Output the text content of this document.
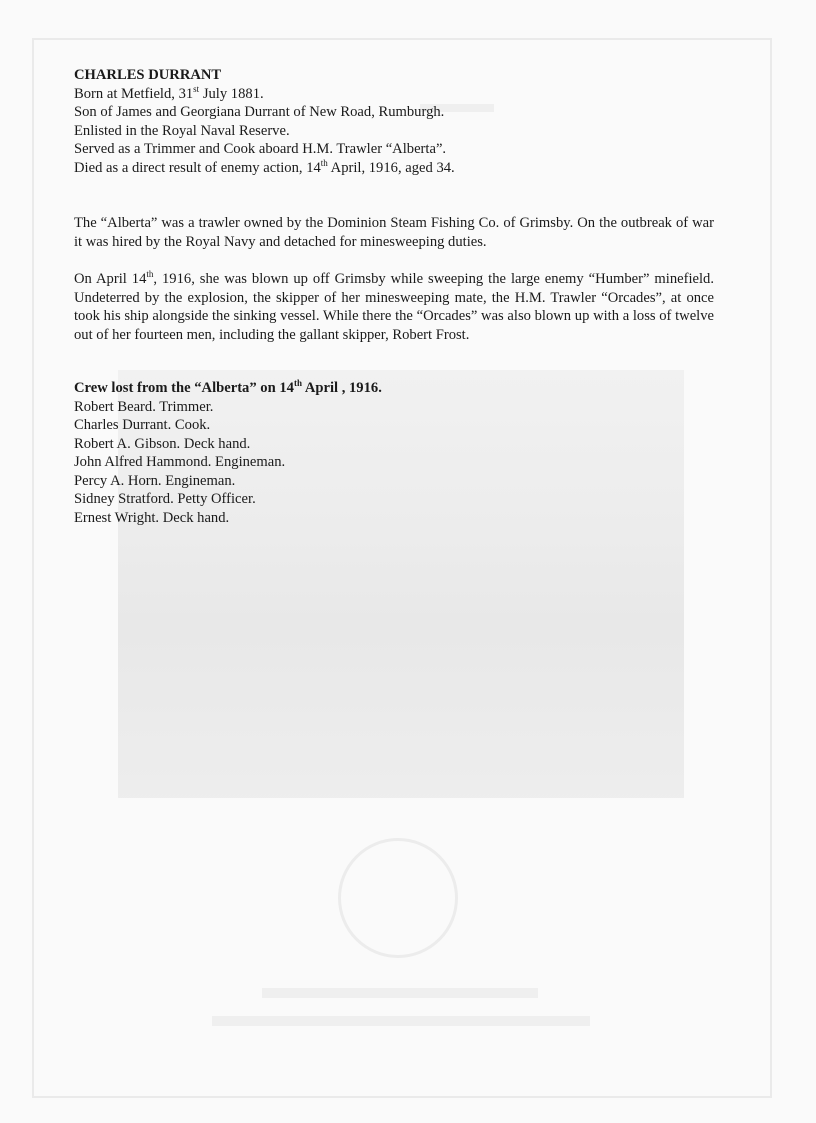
CHARLES DURRANT

Born at Metfield, 31st July 1881.

Son of James and Georgiana Durrant of New Road, Rumburgh.

Enlisted in the Royal Naval Reserve.

Served as a Trimmer and Cook aboard H.M. Trawler “Alberta”.

Died as a direct result of enemy action, 14th April, 1916, aged 34.

The “Alberta” was a trawler owned by the Dominion Steam Fishing Co. of Grimsby. On the outbreak of war it was hired by the Royal Navy and detached for minesweeping duties.

On April 14th, 1916, she was blown up off Grimsby while sweeping the large enemy “Humber” minefield. Undeterred by the explosion, the skipper of her minesweeping mate, the H.M. Trawler “Orcades”, at once took his ship alongside the sinking vessel. While there the “Orcades” was also blown up with a loss of twelve out of her fourteen men, including the gallant skipper, Robert Frost.

Crew lost from the “Alberta” on 14th April , 1916.

Robert Beard. Trimmer.
Charles Durrant. Cook.
Robert A. Gibson. Deck hand.
John Alfred Hammond. Engineman.
Percy A. Horn. Engineman.
Sidney Stratford. Petty Officer.
Ernest Wright. Deck hand.
